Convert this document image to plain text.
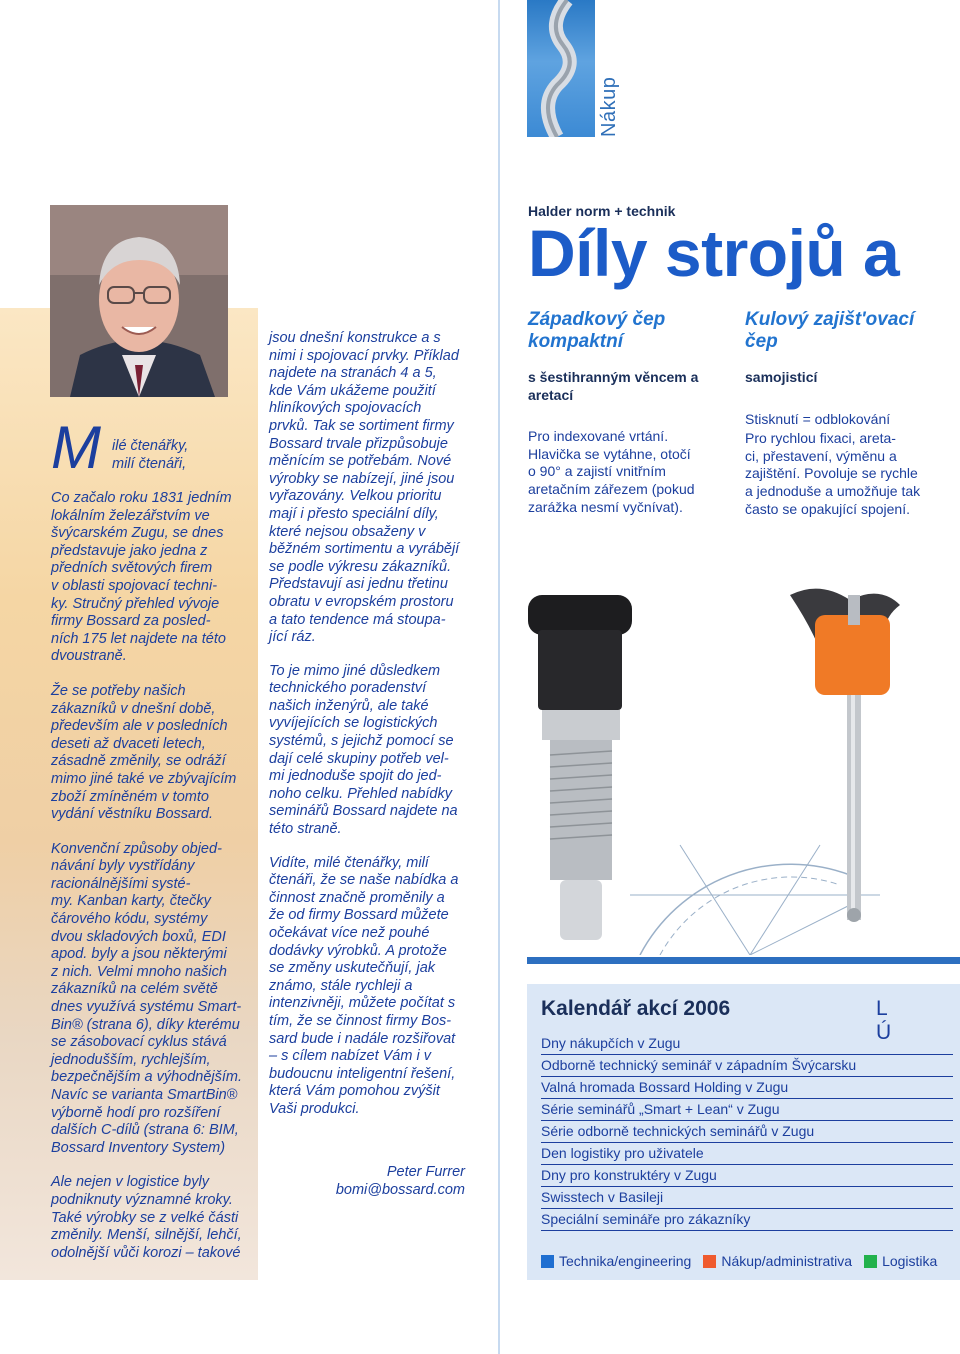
M ilé čtenářky,
milí čtenáři,

Co začalo roku 1831 jedním
lokálním železářstvím ve
švýcarském Zugu, se dnes
představuje jako jedna z
předních světových firem
v oblasti spojovací techni-
ky. Stručný přehled vývoje
firmy Bossard za posled-
ních 175 let najdete na této
dvoustraně.

Že se potřeby našich
zákazníků v dnešní době,
především ale v posledních
deseti až dvaceti letech,
zásadně změnily, se odráží
mimo jiné také ve zbývajícím
zboží zmíněném v tomto
vydání věstníku Bossard.

Konvenční způsoby objed-
návání byly vystřídány
racionálnějšími systé-
my. Kanban karty, čtečky
čárového kódu, systémy
dvou skladových boxů, EDI
apod. byly a jsou některými
z nich. Velmi mnoho našich
zákazníků na celém světě
dnes využívá systému Smart-
Bin® (strana 6), díky kterému
se zásobovací cyklus stává
jednodušším, rychlejším,
bezpečnějším a výhodnějším.
Navíc se varianta SmartBin®
výborně hodí pro rozšíření
dalších C-dílů (strana 6: BIM,
Bossard Inventory System)

Ale nejen v logistice byly
podniknuty významné kroky.
Také výrobky se z velké části
změnily. Menší, silnější, lehčí,
odolnější vůči korozi – takové

jsou dnešní konstrukce a s
nimi i spojovací prvky. Příklad
najdete na stranách 4 a 5,
kde Vám ukážeme použití
hliníkových spojovacích
prvků. Tak se sortiment firmy
Bossard trvale přizpůsobuje
měnícím se potřebám. Nové
výrobky se nabízejí, jiné jsou
vyřazovány. Velkou prioritu
mají i přesto speciální díly,
které nejsou obsaženy v
běžném sortimentu a vyrábějí
se podle výkresu zákazníků.
Představují asi jednu třetinu
obratu v evropském prostoru
a tato tendence má stoupa-
jící ráz.

To je mimo jiné důsledkem
technického poradenství
našich inženýrů, ale také
vyvíjejících se logistických
systémů, s jejichž pomocí se
dají celé skupiny potřeb vel-
mi jednoduše spojit do jed-
noho celku. Přehled nabídky
seminářů Bossard najdete na
této straně.

Vidíte, milé čtenářky, milí
čtenáři, že se naše nabídka a
činnost značně proměnily a
že od firmy Bossard můžete
očekávat více než pouhé
dodávky výrobků. A protože
se změny uskutečňují, jak
známo, stále rychleji a
intenzivněji, můžete počítat s
tím, že se činnost firmy Bos-
sard bude i nadále rozšiřovat
– s cílem nabízet Vám i v
budoucnu inteligentní řešení,
která Vám pomohou zvýšit
Vaši produkci.

Peter Furrer
bomi@bossard.com
Nákup
Halder norm + technik
Díly strojů a
Západkový čep
kompaktní
s šestihranným věncem a
aretací
Pro indexované vrtání.
Hlavička se vytáhne, otočí
o 90° a zajistí vnitřním
aretačním zářezem (pokud
zarážka nesmí vyčnívat).
Kulový zajišt'ovací
čep
samojisticí
Stisknutí = odblokování
Pro rychlou fixaci, areta-
ci, přestavení, výměnu a
zajištění. Povoluje se rychle
a jednoduše a umožňuje tak
často se opakující spojení.
Kalendář akcí 2006	L Ú
Dny nákupčích v Zugu
Odborně technický seminář v západním Švýcarsku
Valná hromada Bossard Holding v Zugu
Série seminářů „Smart + Lean“ v Zugu
Série odborně technických seminářů v Zugu
Den logistiky pro uživatele
Dny pro konstruktéry v Zugu
Swisstech v Basileji
Speciální semináře pro zákazníky
Technika/engineering Nákup/administrativa Logistika
